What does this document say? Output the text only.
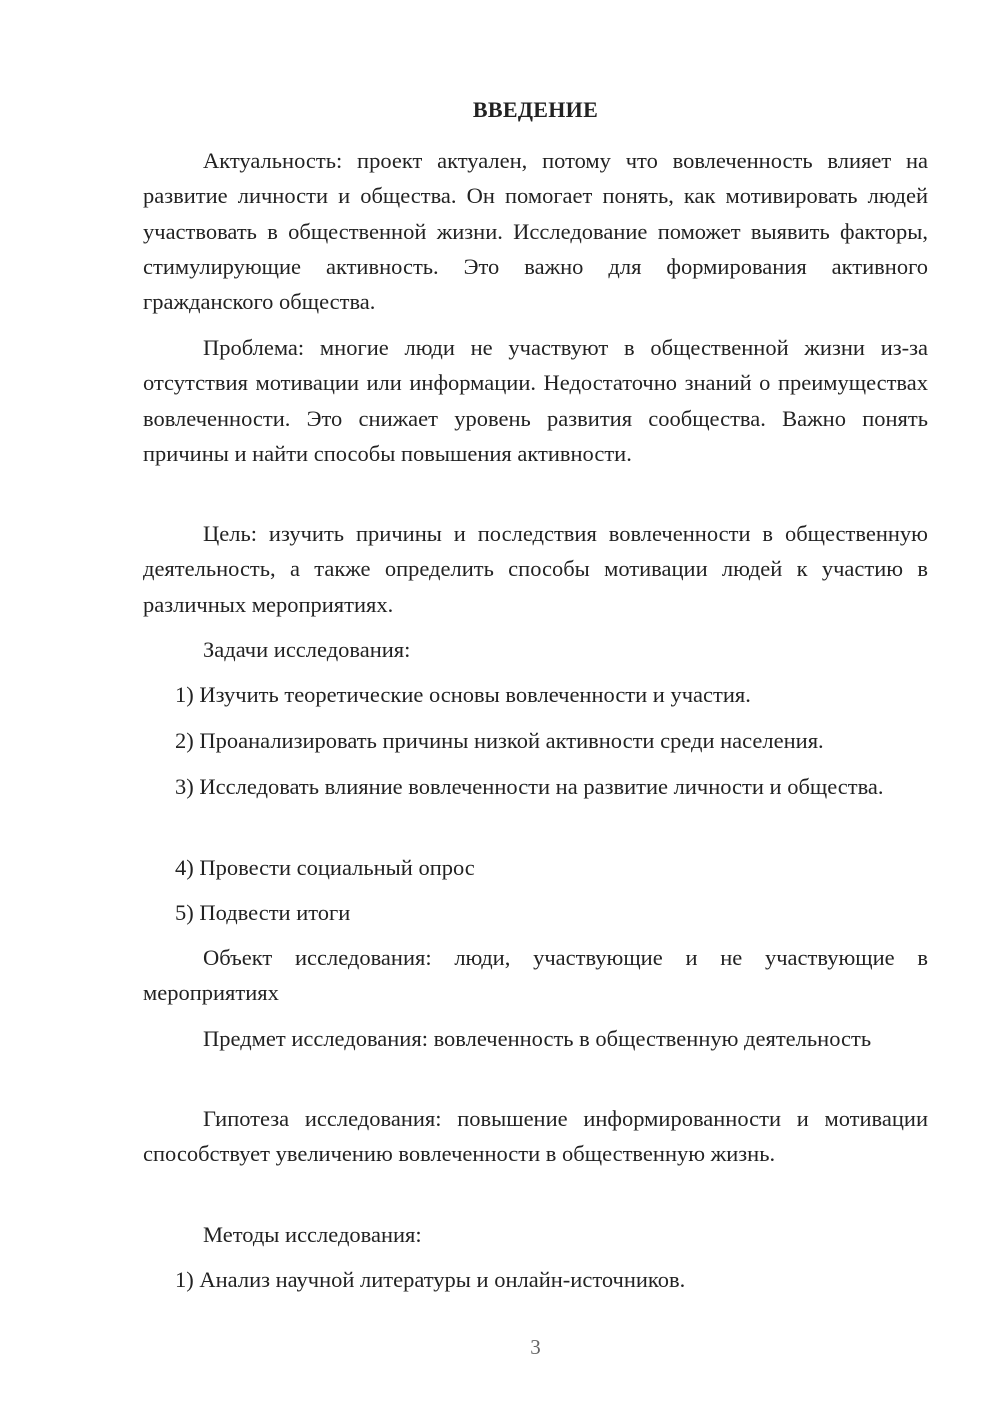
ВВЕДЕНИЕ

Актуальность: проект актуален, потому что вовлеченность влияет на развитие личности и общества. Он помогает понять, как мотивировать людей участвовать в общественной жизни. Исследование поможет выявить факторы, стимулирующие активность. Это важно для формирования активного гражданского общества.

Проблема: многие люди не участвуют в общественной жизни из-за отсутствия мотивации или информации. Недостаточно знаний о преимуществах вовлеченности. Это снижает уровень развития сообщества. Важно понять причины и найти способы повышения активности.

Цель: изучить причины и последствия вовлеченности в общественную деятельность, а также определить способы мотивации людей к участию в различных мероприятиях.

Задачи исследования:

1) Изучить теоретические основы вовлеченности и участия.

2) Проанализировать причины низкой активности среди населения.

3) Исследовать влияние вовлеченности на развитие личности и общества.

4) Провести социальный опрос

5) Подвести итоги

Объект исследования: люди, участвующие и не участвующие в мероприятиях

Предмет исследования: вовлеченность в общественную деятельность

Гипотеза исследования: повышение информированности и мотивации способствует увеличению вовлеченности в общественную жизнь.

Методы исследования:

1) Анализ научной литературы и онлайн-источников.

3
